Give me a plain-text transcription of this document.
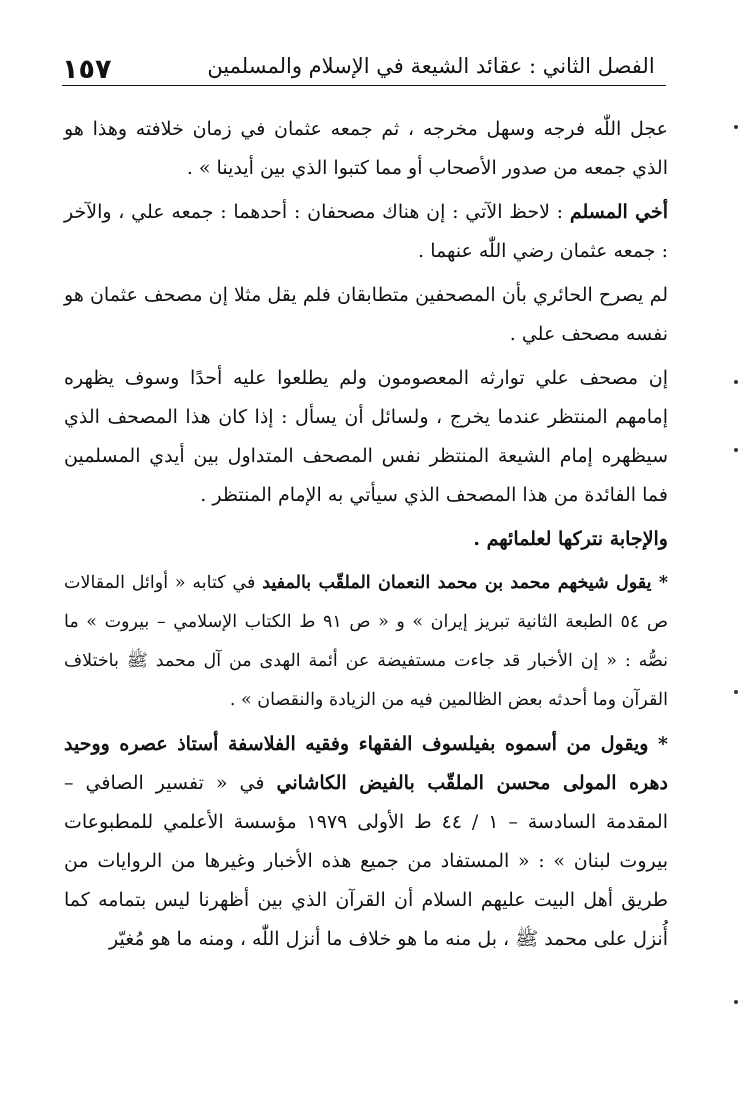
١٥٧	الفصل الثاني : عقائد الشيعة في الإسلام والمسلمين

عجل اللّٰه فرجه وسهل مخرجه ، ثم جمعه عثمان في زمان خلافته وهذا هو الذي جمعه من صدور الأصحاب أو مما كتبوا الذي بين أيدينا » .

أخي المسلم : لاحظ الآتي : إن هناك مصحفان : أحدهما : جمعه علي ، والآخر : جمعه عثمان رضي اللّٰه عنهما .

لم يصرح الحائري بأن المصحفين متطابقان فلم يقل مثلا إن مصحف عثمان هو نفسه مصحف علي .

إن مصحف علي توارثه المعصومون ولم يطلعوا عليه أحدًا وسوف يظهره إمامهم المنتظر عندما يخرج ، ولسائل أن يسأل : إذا كان هذا المصحف الذي سيظهره إمام الشيعة المنتظر نفس المصحف المتداول بين أيدي المسلمين فما الفائدة من هذا المصحف الذي سيأتي به الإمام المنتظر .

والإجابة نتركها لعلمائهم .

* يقول شيخهم محمد بن محمد النعمان الملقّب بالمفيد في كتابه « أوائل المقالات ص ٥٤ الطبعة الثانية تبريز إيران » و « ص ٩١ ط الكتاب الإسلامي – بيروت » ما نصُّه : « إن الأخبار قد جاءت مستفيضة عن أئمة الهدى من آل محمد ﷺ باختلاف القرآن وما أحدثه بعض الظالمين فيه من الزيادة والنقصان » .

* ويقول من أسموه بفيلسوف الفقهاء وفقيه الفلاسفة أستاذ عصره ووحيد دهره المولى محسن الملقّب بالفيض الكاشاني في « تفسير الصافي – المقدمة السادسة – ١ / ٤٤ ط الأولى ١٩٧٩ مؤسسة الأعلمي للمطبوعات بيروت لبنان » : « المستفاد من جميع هذه الأخبار وغيرها من الروايات من طريق أهل البيت عليهم السلام أن القرآن الذي بين أظهرنا ليس بتمامه كما أُنزل على محمد ﷺ ، بل منه ما هو خلاف ما أنزل اللّٰه ، ومنه ما هو مُغيّر
